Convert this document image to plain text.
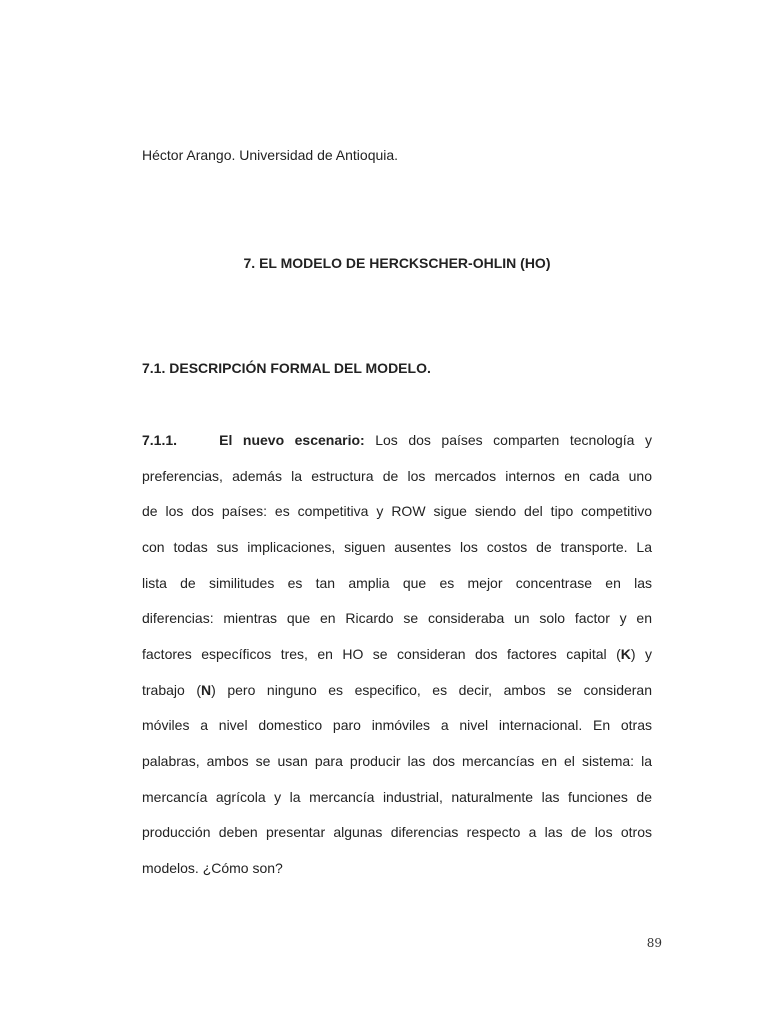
Héctor Arango. Universidad de Antioquia.
7. EL MODELO DE HERCKSCHER-OHLIN (HO)
7.1. DESCRIPCIÓN FORMAL DEL MODELO.
7.1.1.	El nuevo escenario: Los dos países comparten tecnología y
preferencias, además la estructura de los mercados internos en cada uno
de los dos países: es competitiva y ROW sigue siendo del tipo competitivo
con todas sus implicaciones, siguen ausentes los costos de transporte. La
lista de similitudes es tan amplia que es mejor concentrase en las
diferencias: mientras que en Ricardo se consideraba un solo factor y en
factores específicos tres, en HO se consideran dos factores capital (K) y
trabajo (N) pero ninguno es especifico, es decir, ambos se consideran
móviles a nivel domestico paro inmóviles a nivel internacional. En otras
palabras, ambos se usan para producir las dos mercancías en el sistema: la
mercancía agrícola y la mercancía industrial, naturalmente las funciones de
producción deben presentar algunas diferencias respecto a las de los otros
modelos. ¿Cómo son?
89
